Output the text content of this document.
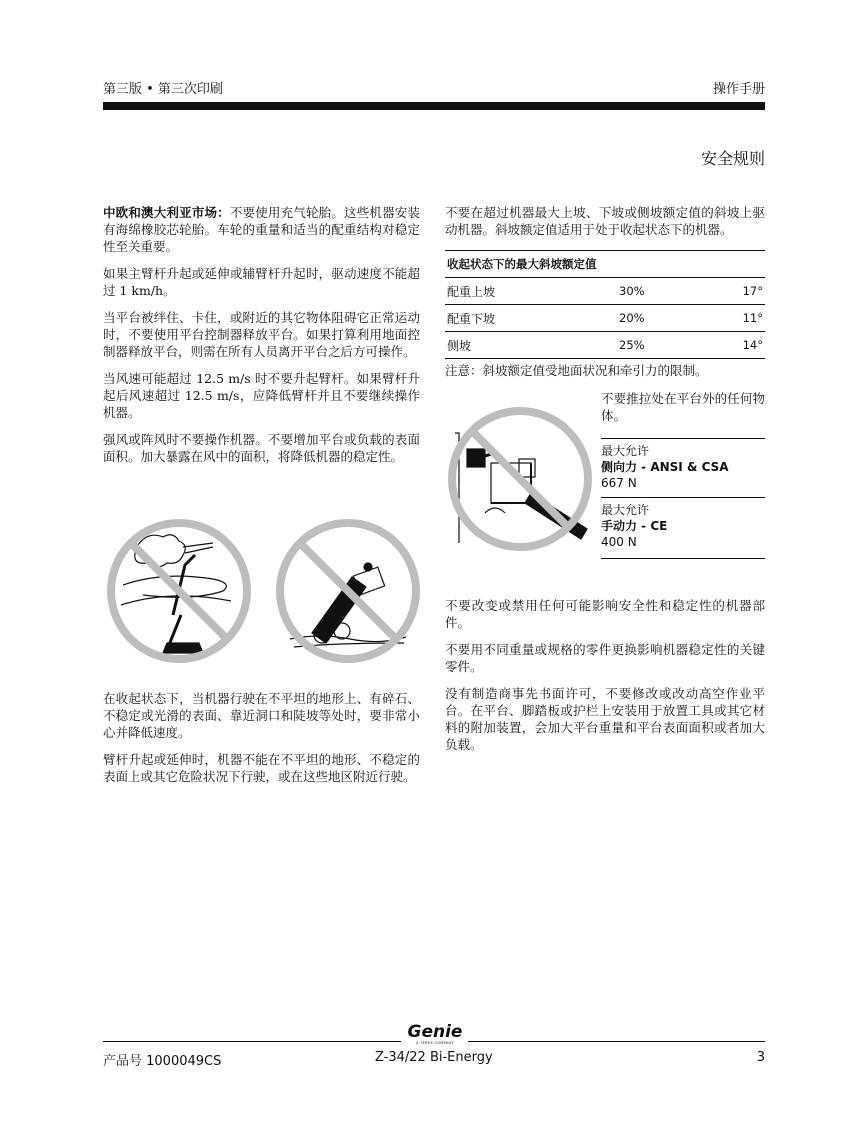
第三版 • 第三次印刷	操作手册
安全规则

中欧和澳大利亚市场：不要使用充气轮胎。这些机器安装有海绵橡胶芯轮胎。车轮的重量和适当的配重结构对稳定性至关重要。

如果主臂杆升起或延伸或辅臂杆升起时，驱动速度不能超过 1 km/h。

当平台被绊住、卡住，或附近的其它物体阻碍它正常运动时，不要使用平台控制器释放平台。如果打算利用地面控制器释放平台，则需在所有人员离开平台之后方可操作。

当风速可能超过 12.5 m/s 时不要升起臂杆。如果臂杆升起后风速超过 12.5 m/s，应降低臂杆并且不要继续操作机器。

强风或阵风时不要操作机器。不要增加平台或负载的表面面积。加大暴露在风中的面积，将降低机器的稳定性。

在收起状态下，当机器行驶在不平坦的地形上、有碎石、不稳定或光滑的表面、靠近洞口和陡坡等处时，要非常小心并降低速度。

臂杆升起或延伸时，机器不能在不平坦的地形、不稳定的表面上或其它危险状况下行驶，或在这些地区附近行驶。

不要在超过机器最大上坡、下坡或侧坡额定值的斜坡上驱动机器。斜坡额定值适用于处于收起状态下的机器。

收起状态下的最大斜坡额定值		
配重上坡	30%	17°
配重下坡	20%	11°
侧坡	25%	14°
注意：斜坡额定值受地面状况和牵引力的限制。
不要推拉处在平台外的任何物体。
最大允许
侧向力 - ANSI & CSA
667 N
最大允许
手动力 - CE
400 N

不要改变或禁用任何可能影响安全性和稳定性的机器部件。

不要用不同重量或规格的零件更换影响机器稳定性的关键零件。

没有制造商事先书面许可，不要修改或改动高空作业平台。在平台、脚踏板或护栏上安装用于放置工具或其它材料的附加装置，会加大平台重量和平台表面面积或者加大负载。

Genie
A TEREX COMPANY
产品号 1000049CS	Z-34/22 Bi-Energy	3
